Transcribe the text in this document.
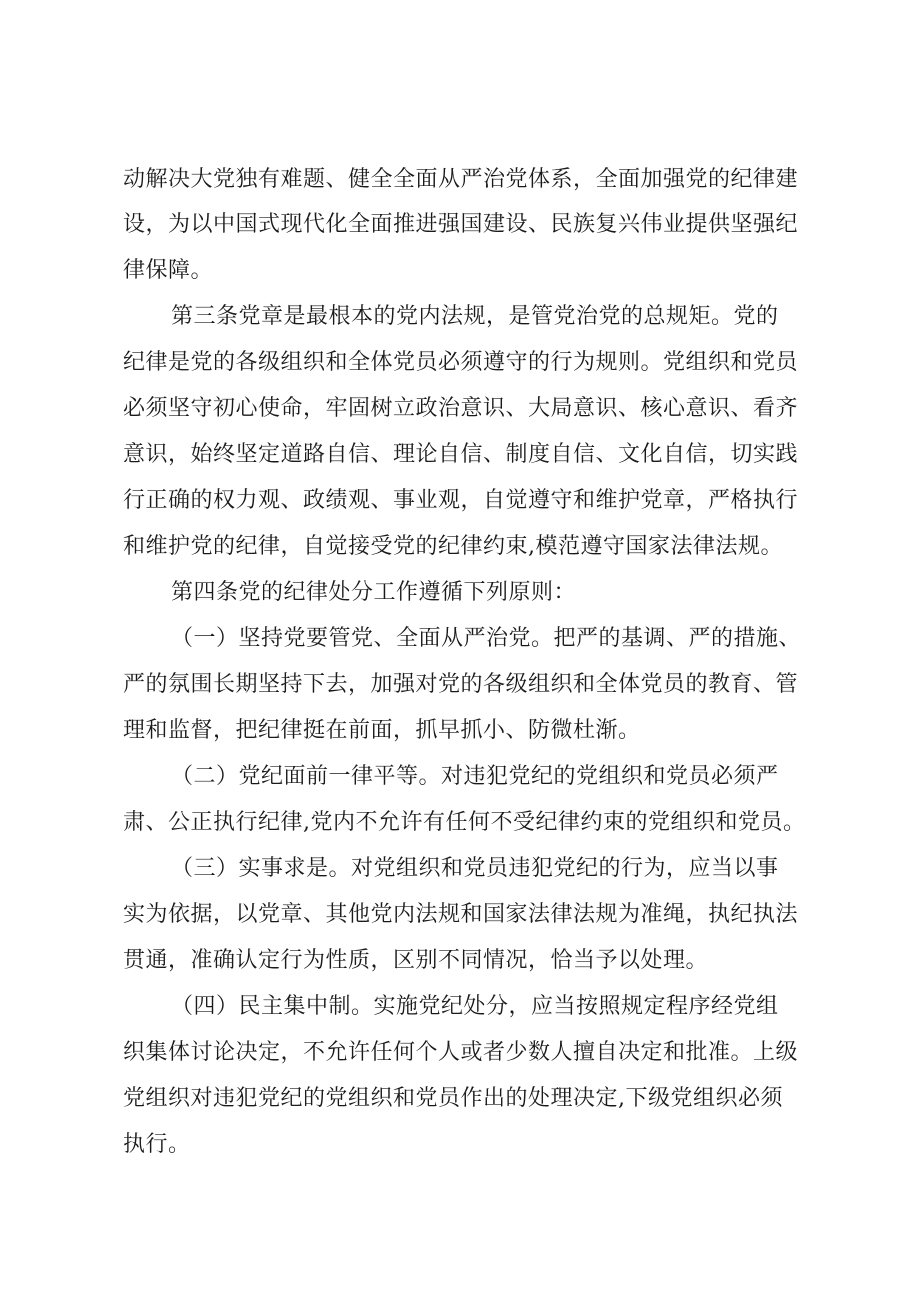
动解决大党独有难题、健全全面从严治党体系，全面加强党的纪律建
设，为以中国式现代化全面推进强国建设、民族复兴伟业提供坚强纪
律保障。
第三条党章是最根本的党内法规，是管党治党的总规矩。党的
纪律是党的各级组织和全体党员必须遵守的行为规则。党组织和党员
必须坚守初心使命，牢固树立政治意识、大局意识、核心意识、看齐
意识，始终坚定道路自信、理论自信、制度自信、文化自信，切实践
行正确的权力观、政绩观、事业观，自觉遵守和维护党章，严格执行
和维护党的纪律，自觉接受党的纪律约束,模范遵守国家法律法规。
第四条党的纪律处分工作遵循下列原则：
（一）坚持党要管党、全面从严治党。把严的基调、严的措施、
严的氛围长期坚持下去，加强对党的各级组织和全体党员的教育、管
理和监督，把纪律挺在前面，抓早抓小、防微杜渐。
（二）党纪面前一律平等。对违犯党纪的党组织和党员必须严
肃、公正执行纪律,党内不允许有任何不受纪律约束的党组织和党员。
（三）实事求是。对党组织和党员违犯党纪的行为，应当以事
实为依据，以党章、其他党内法规和国家法律法规为准绳，执纪执法
贯通，准确认定行为性质，区别不同情况，恰当予以处理。
（四）民主集中制。实施党纪处分，应当按照规定程序经党组
织集体讨论决定，不允许任何个人或者少数人擅自决定和批准。上级
党组织对违犯党纪的党组织和党员作出的处理决定,下级党组织必须
执行。
